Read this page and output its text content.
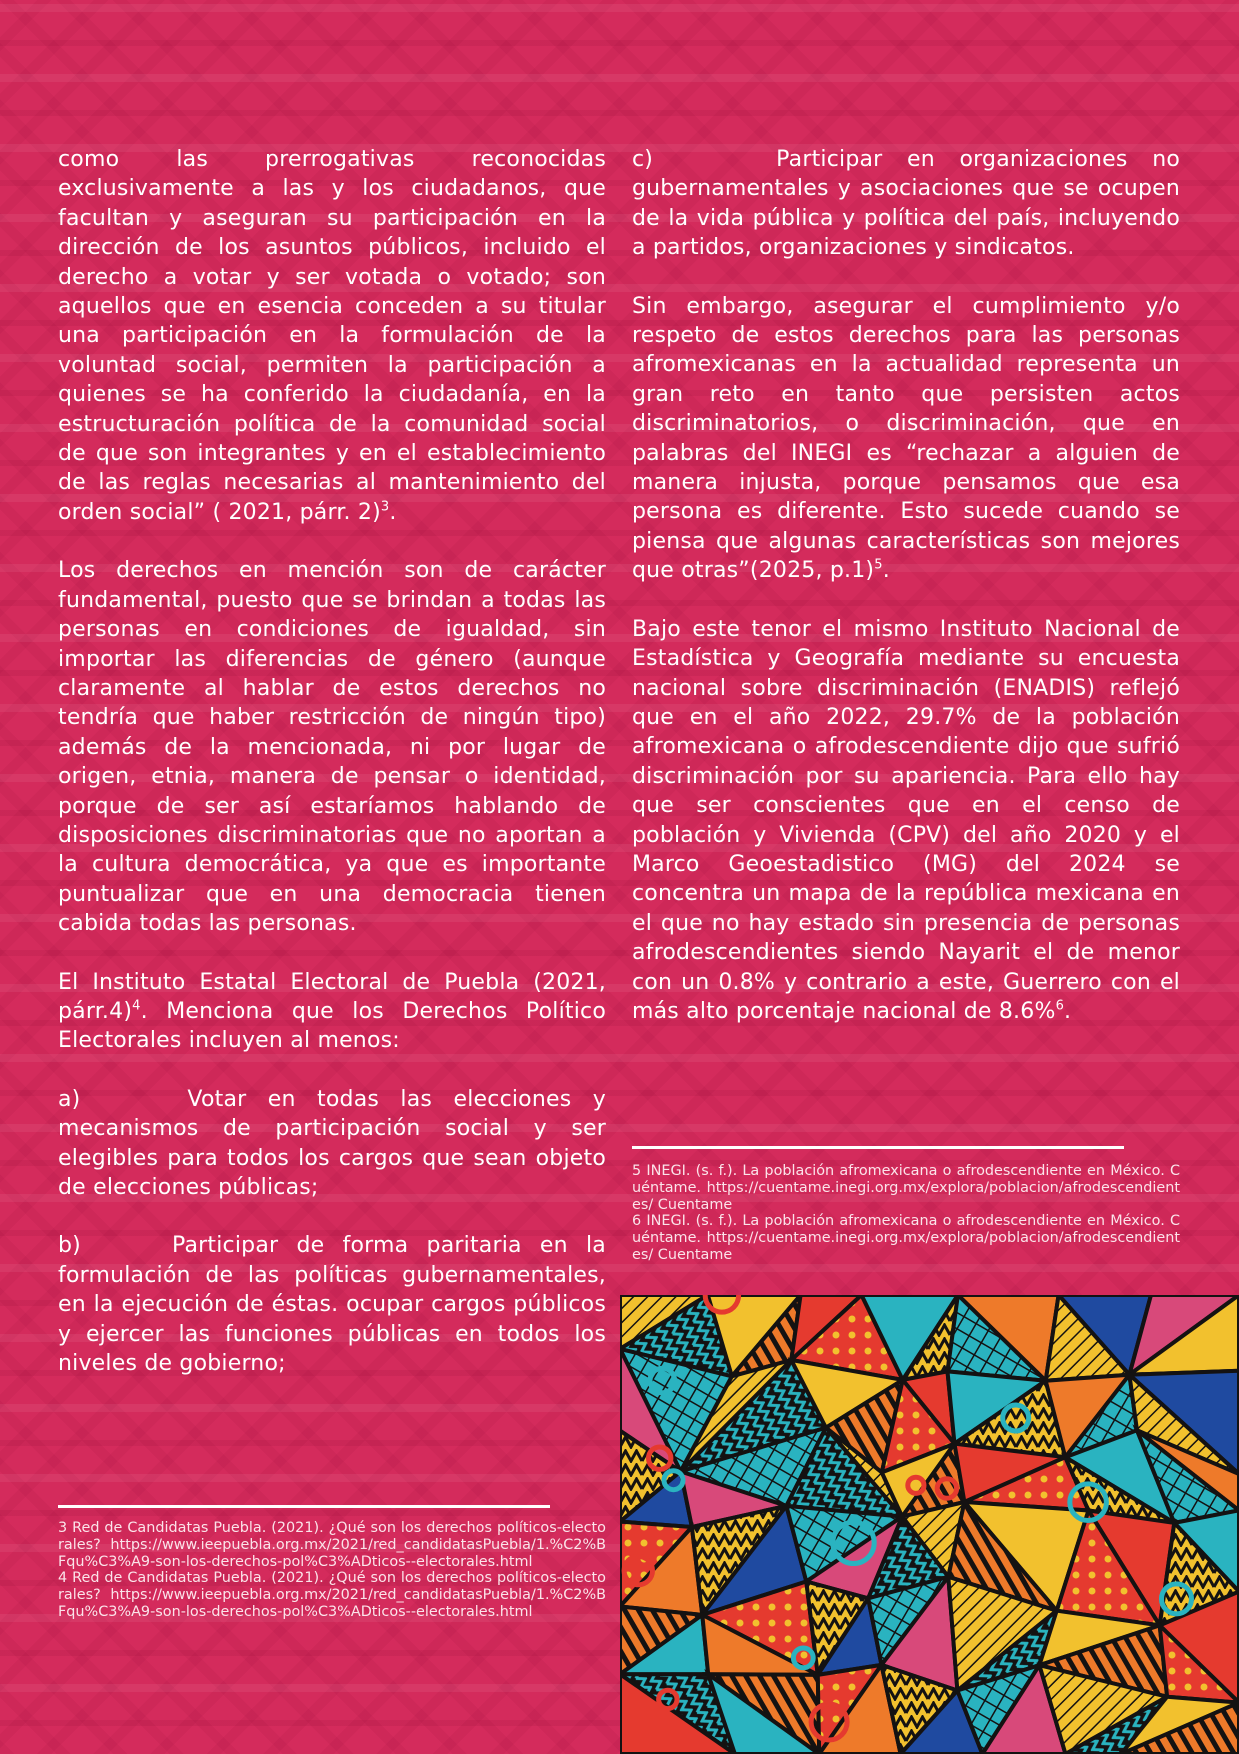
como las prerrogativas reconocidas exclusivamente a las y los ciudadanos, que facultan y aseguran su participación en la dirección de los asuntos públicos, incluido el derecho a votar y ser votada o votado; son aquellos que en esencia conceden a su titular una participación en la formulación de la voluntad social, permiten la participación a quienes se ha conferido la ciudadanía, en la estructuración política de la comunidad social de que son integrantes y en el establecimiento de las reglas necesarias al mantenimiento del orden social” ( 2021, párr. 2)$^3$.

Los derechos en mención son de carácter fundamental, puesto que se brindan a todas las personas en condiciones de igualdad, sin importar las diferencias de género (aunque claramente al hablar de estos derechos no tendría que haber restricción de ningún tipo) además de la mencionada, ni por lugar de origen, etnia, manera de pensar o identidad, porque de ser así estaríamos hablando de disposiciones discriminatorias que no aportan a la cultura democrática, ya que es importante puntualizar que en una democracia tienen cabida todas las personas.

El Instituto Estatal Electoral de Puebla (2021, párr.4)$^4$. Menciona que los Derechos Político Electorales incluyen al menos:

a)     Votar en todas las elecciones y mecanismos de participación social y ser elegibles para todos los cargos que sean objeto de elecciones públicas;

b)     Participar de forma paritaria en la formulación de las políticas gubernamentales, en la ejecución de éstas. ocupar cargos públicos y ejercer las funciones públicas en todos los niveles de gobierno;

c)     Participar en organizaciones no gubernamentales y asociaciones que se ocupen de la vida pública y política del país, incluyendo a partidos, organizaciones y sindicatos.

Sin embargo, asegurar el cumplimiento y/o respeto de estos derechos para las personas afromexicanas en la actualidad representa un gran reto en tanto que persisten actos discriminatorios, o discriminación, que en palabras del INEGI es “rechazar a alguien de manera injusta, porque pensamos que esa persona es diferente. Esto sucede cuando se piensa que algunas características son mejores que otras”(2025, p.1)$^5$.

Bajo este tenor el mismo Instituto Nacional de Estadística y Geografía mediante su encuesta nacional sobre discriminación (ENADIS) reflejó que en el año 2022, 29.7% de la población afromexicana o afrodescendiente dijo que sufrió discriminación por su apariencia. Para ello hay que ser conscientes que en el censo de población y Vivienda (CPV) del año 2020 y el Marco Geoestadistico (MG) del 2024 se concentra un mapa de la república mexicana en el que no hay estado sin presencia de personas afrodescendientes siendo Nayarit el de menor con un 0.8% y contrario a este, Guerrero con el más alto porcentaje nacional de 8.6%$^6$.

5 INEGI. (s. f.). La población afromexicana o afrodescendiente en México. Cuéntame. https://cuentame.inegi.org.mx/explora/poblacion/afrodescendientes/ Cuentame

6 INEGI. (s. f.). La población afromexicana o afrodescendiente en México. Cuéntame. https://cuentame.inegi.org.mx/explora/poblacion/afrodescendientes/ Cuentame

3 Red de Candidatas Puebla. (2021). ¿Qué son los derechos políticos-electorales? https://www.ieepuebla.org.mx/2021/red_candidatasPuebla/1.%C2%BFqu%C3%A9-son-los-derechos-pol%C3%ADticos--electorales.html

4 Red de Candidatas Puebla. (2021). ¿Qué son los derechos políticos-electorales? https://www.ieepuebla.org.mx/2021/red_candidatasPuebla/1.%C2%BFqu%C3%A9-son-los-derechos-pol%C3%ADticos--electorales.html
